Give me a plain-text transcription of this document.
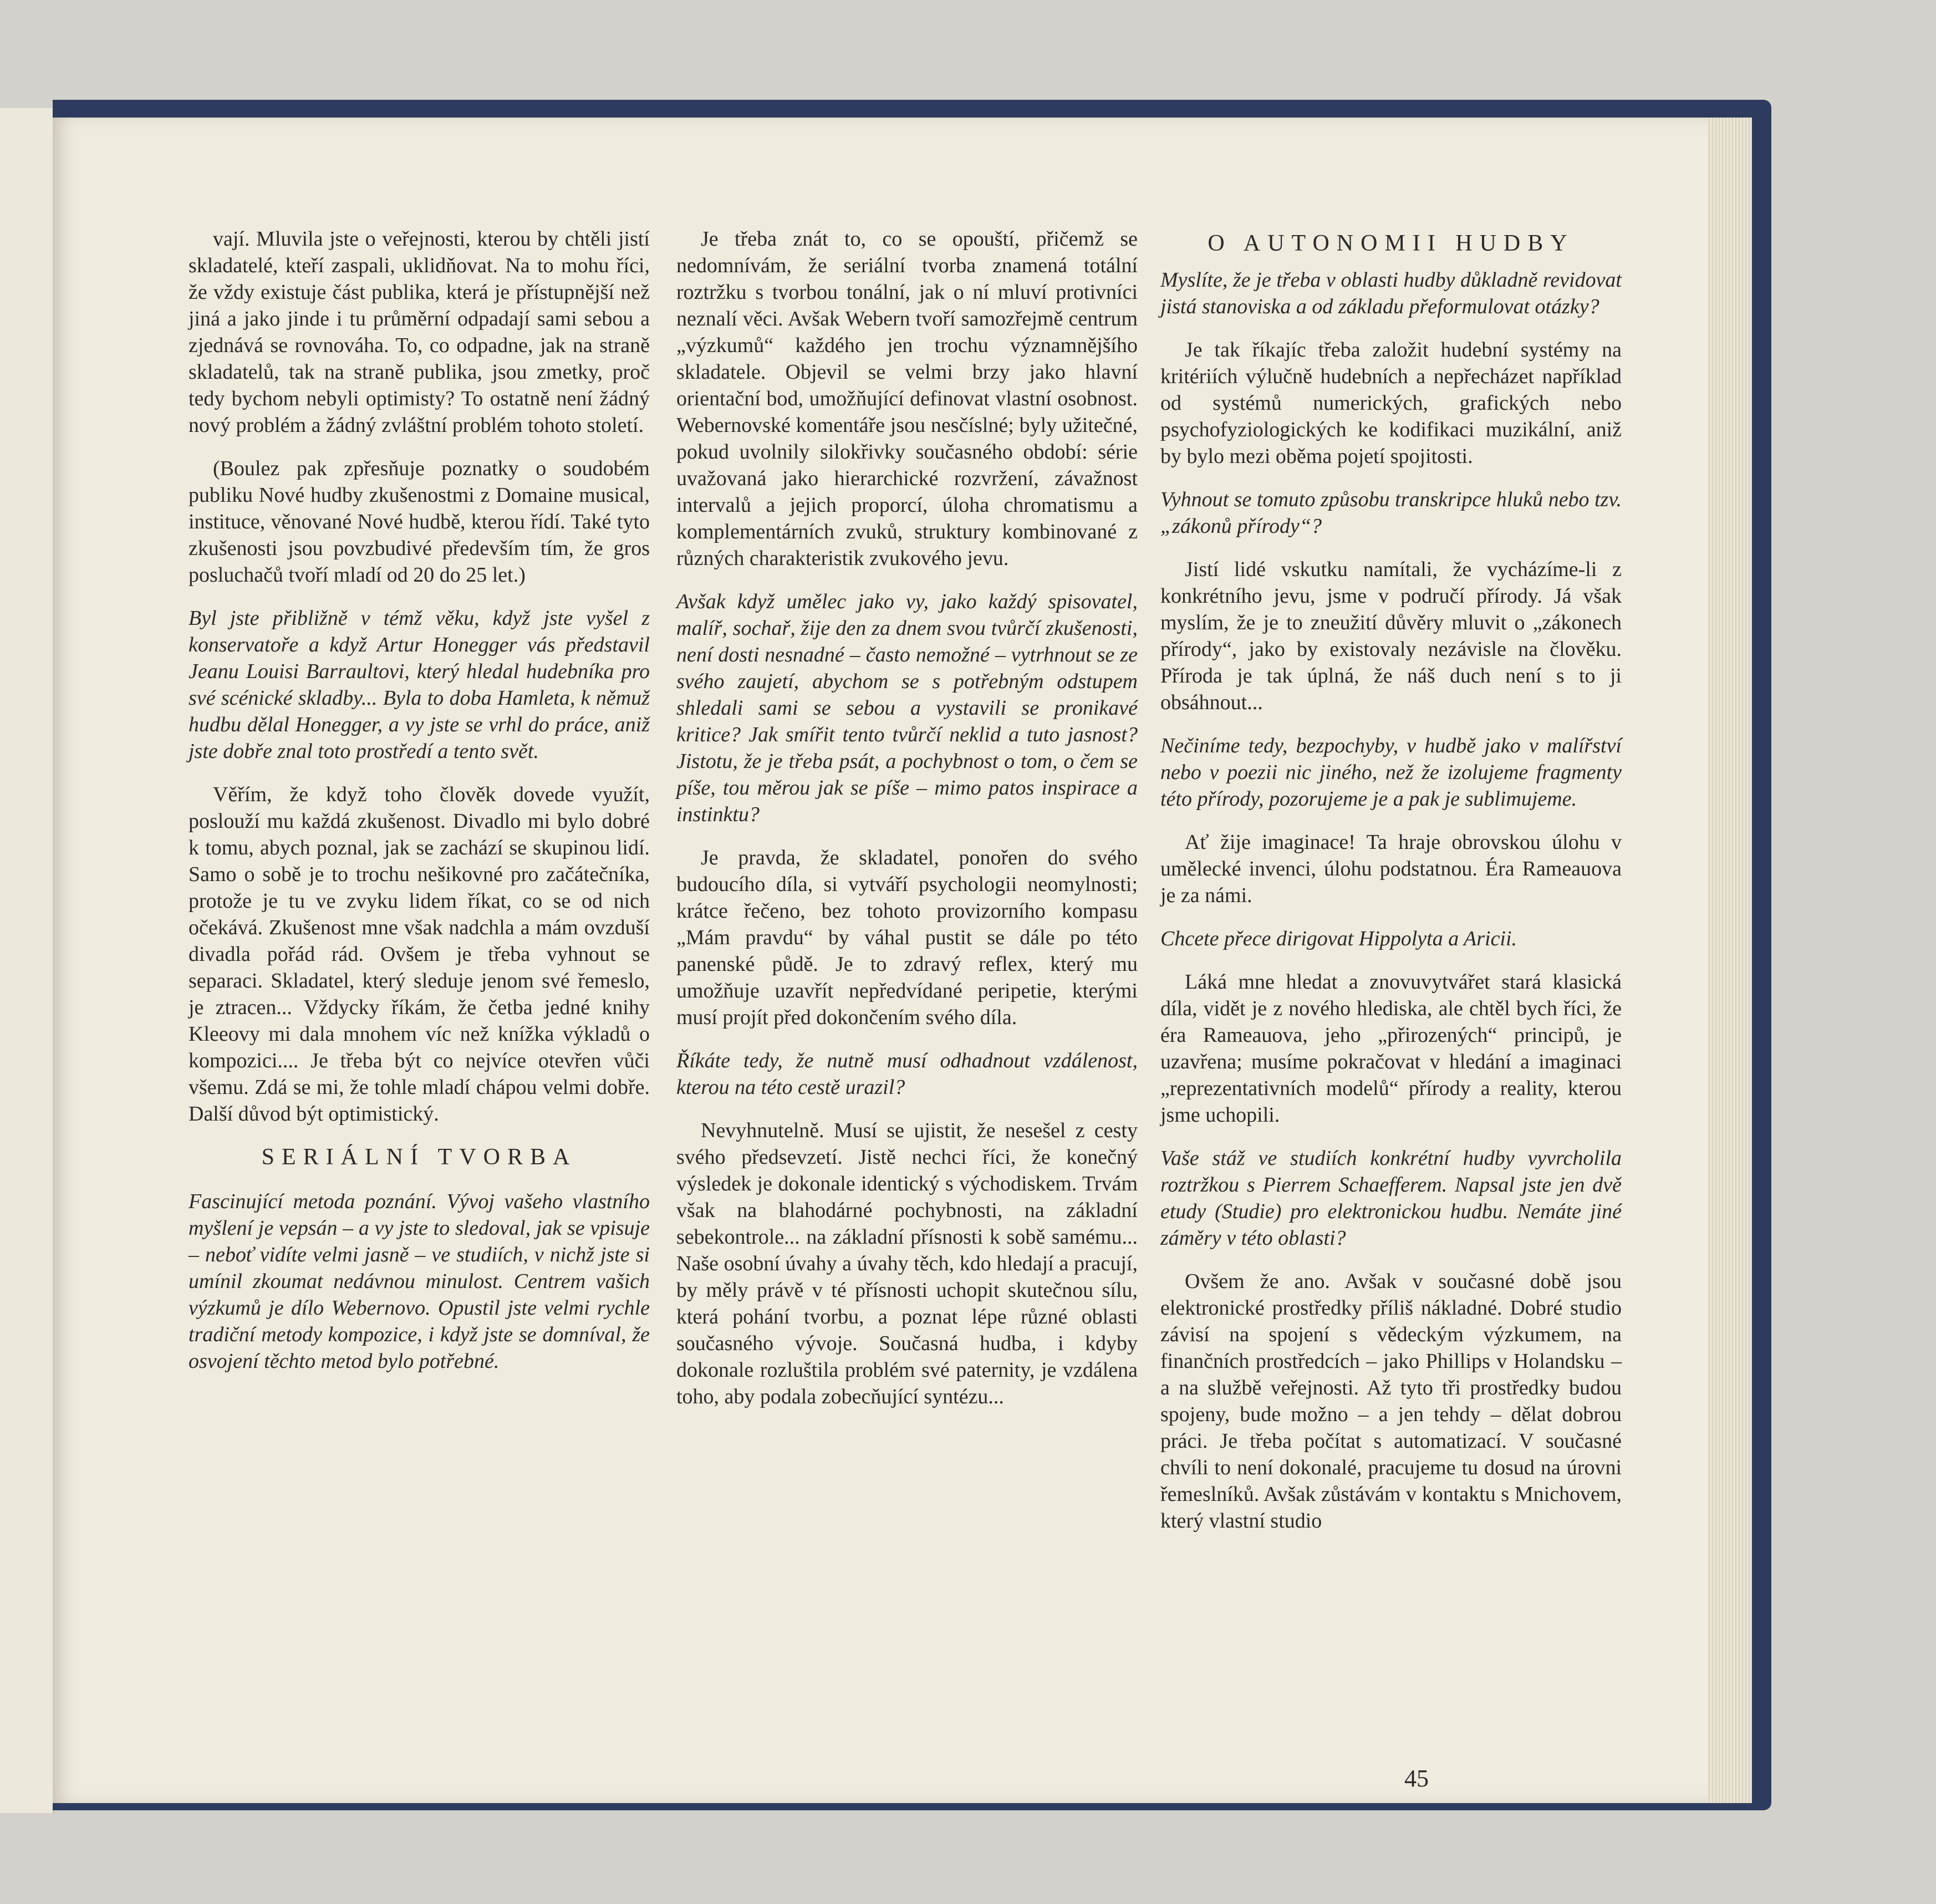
vají. Mluvila jste o veřejnosti, kterou by chtěli jistí skladatelé, kteří zaspali, uklidňovat. Na to mohu říci, že vždy existuje část publika, která je přístupnější než jiná a jako jinde i tu průměrní odpadají sami sebou a zjednává se rovnováha. To, co odpadne, jak na straně skladatelů, tak na straně publika, jsou zmetky, proč tedy bychom nebyli optimisty? To ostatně není žádný nový problém a žádný zvláštní problém tohoto století.

(Boulez pak zpřesňuje poznatky o soudobém publiku Nové hudby zkušenostmi z Domaine musical, instituce, věnované Nové hudbě, kterou řídí. Také tyto zkušenosti jsou povzbudivé především tím, že gros posluchačů tvoří mladí od 20 do 25 let.)

Byl jste přibližně v témž věku, když jste vyšel z konservatoře a když Artur Honegger vás představil Jeanu Louisi Barraultovi, který hledal hudebníka pro své scénické skladby... Byla to doba Hamleta, k němuž hudbu dělal Honegger, a vy jste se vrhl do práce, aniž jste dobře znal toto prostředí a tento svět.

Věřím, že když toho člověk dovede využít, poslouží mu každá zkušenost. Divadlo mi bylo dobré k tomu, abych poznal, jak se zachází se skupinou lidí. Samo o sobě je to trochu nešikovné pro začátečníka, protože je tu ve zvyku lidem říkat, co se od nich očekává. Zkušenost mne však nadchla a mám ovzduší divadla pořád rád. Ovšem je třeba vyhnout se separaci. Skladatel, který sleduje jenom své řemeslo, je ztracen... Vždycky říkám, že četba jedné knihy Kleeovy mi dala mnohem víc než knížka výkladů o kompozici.... Je třeba být co nejvíce otevřen vůči všemu. Zdá se mi, že tohle mladí chápou velmi dobře. Další důvod být optimistický.

SERIÁLNÍ TVORBA

Fascinující metoda poznání. Vývoj vašeho vlastního myšlení je vepsán – a vy jste to sledoval, jak se vpisuje – neboť vidíte velmi jasně – ve studiích, v nichž jste si umínil zkoumat nedávnou minulost. Centrem vašich výzkumů je dílo Webernovo. Opustil jste velmi rychle tradiční metody kompozice, i když jste se domníval, že osvojení těchto metod bylo potřebné.

Je třeba znát to, co se opouští, přičemž se nedomnívám, že seriální tvorba znamená totální roztržku s tvorbou tonální, jak o ní mluví protivníci neznalí věci. Avšak Webern tvoří samozřejmě centrum „výzkumů“ každého jen trochu významnějšího skladatele. Objevil se velmi brzy jako hlavní orientační bod, umožňující definovat vlastní osobnost. Webernovské komentáře jsou nesčíslné; byly užitečné, pokud uvolnily silokřivky současného období: série uvažovaná jako hierarchické rozvržení, závažnost intervalů a jejich proporcí, úloha chromatismu a komplementárních zvuků, struktury kombinované z různých charakteristik zvukového jevu.

Avšak když umělec jako vy, jako každý spisovatel, malíř, sochař, žije den za dnem svou tvůrčí zkušenosti, není dosti nesnadné – často nemožné – vytrhnout se ze svého zaujetí, abychom se s potřebným odstupem shledali sami se sebou a vystavili se pronikavé kritice? Jak smířit tento tvůrčí neklid a tuto jasnost? Jistotu, že je třeba psát, a pochybnost o tom, o čem se píše, tou měrou jak se píše – mimo patos inspirace a instinktu?

Je pravda, že skladatel, ponořen do svého budoucího díla, si vytváří psychologii neomylnosti; krátce řečeno, bez tohoto provizorního kompasu „Mám pravdu“ by váhal pustit se dále po této panenské půdě. Je to zdravý reflex, který mu umožňuje uzavřít nepředvídané peripetie, kterými musí projít před dokončením svého díla.

Říkáte tedy, že nutně musí odhadnout vzdálenost, kterou na této cestě urazil?

Nevyhnutelně. Musí se ujistit, že nesešel z cesty svého předsevzetí. Jistě nechci říci, že konečný výsledek je dokonale identický s východiskem. Trvám však na blahodárné pochybnosti, na základní sebekontrole... na základní přísnosti k sobě samému... Naše osobní úvahy a úvahy těch, kdo hledají a pracují, by měly právě v té přísnosti uchopit skutečnou sílu, která pohání tvorbu, a poznat lépe různé oblasti současného vývoje. Současná hudba, i kdyby dokonale rozluštila problém své paternity, je vzdálena toho, aby podala zobecňující syntézu...

O AUTONOMII HUDBY

Myslíte, že je třeba v oblasti hudby důkladně revidovat jistá stanoviska a od základu přeformulovat otázky?

Je tak říkajíc třeba založit hudební systémy na kritériích výlučně hudebních a nepřecházet například od systémů numerických, grafických nebo psychofyziologických ke kodifikaci muzikální, aniž by bylo mezi oběma pojetí spojitosti.

Vyhnout se tomuto způsobu transkripce hluků nebo tzv. „zákonů přírody“?

Jistí lidé vskutku namítali, že vycházíme-li z konkrétního jevu, jsme v područí přírody. Já však myslím, že je to zneužití důvěry mluvit o „zákonech přírody“, jako by existovaly nezávisle na člověku. Příroda je tak úplná, že náš duch není s to ji obsáhnout...

Nečiníme tedy, bezpochyby, v hudbě jako v malířství nebo v poezii nic jiného, než že izolujeme fragmenty této přírody, pozorujeme je a pak je sublimujeme.

Ať žije imaginace! Ta hraje obrovskou úlohu v umělecké invenci, úlohu podstatnou. Éra Rameauova je za námi.

Chcete přece dirigovat Hippolyta a Aricii.

Láká mne hledat a znovuvytvářet stará klasická díla, vidět je z nového hlediska, ale chtěl bych říci, že éra Rameauova, jeho „přirozených“ principů, je uzavřena; musíme pokračovat v hledání a imaginaci „reprezentativních modelů“ přírody a reality, kterou jsme uchopili.

Vaše stáž ve studiích konkrétní hudby vyvrcholila roztržkou s Pierrem Schaefferem. Napsal jste jen dvě etudy (Studie) pro elektronickou hudbu. Nemáte jiné záměry v této oblasti?

Ovšem že ano. Avšak v současné době jsou elektronické prostředky příliš nákladné. Dobré studio závisí na spojení s vědeckým výzkumem, na finančních prostředcích – jako Phillips v Holandsku – a na službě veřejnosti. Až tyto tři prostředky budou spojeny, bude možno – a jen tehdy – dělat dobrou práci. Je třeba počítat s automatizací. V současné chvíli to není dokonalé, pracujeme tu dosud na úrovni řemeslníků. Avšak zůstávám v kontaktu s Mnichovem, který vlastní studio

45
